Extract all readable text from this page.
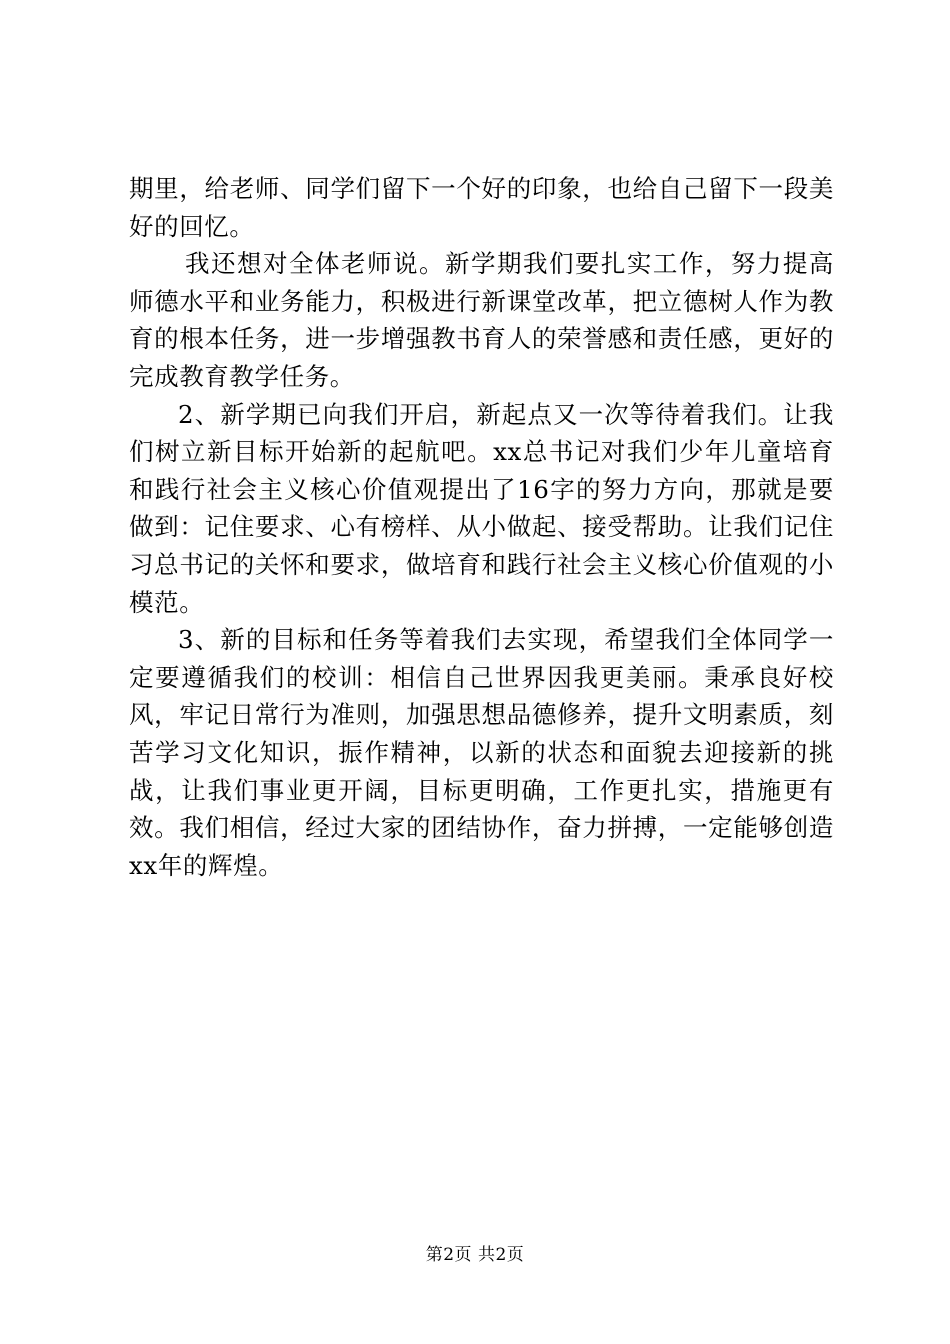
期里，给老师、同学们留下一个好的印象，也给自己留下一段美好的回忆。

我还想对全体老师说。新学期我们要扎实工作，努力提高师德水平和业务能力，积极进行新课堂改革，把立德树人作为教育的根本任务，进一步增强教书育人的荣誉感和责任感，更好的完成教育教学任务。

2、新学期已向我们开启，新起点又一次等待着我们。让我们树立新目标开始新的起航吧。xx总书记对我们少年儿童培育和践行社会主义核心价值观提出了16字的努力方向，那就是要做到：记住要求、心有榜样、从小做起、接受帮助。让我们记住习总书记的关怀和要求，做培育和践行社会主义核心价值观的小模范。

3、新的目标和任务等着我们去实现，希望我们全体同学一定要遵循我们的校训：相信自己世界因我更美丽。秉承良好校风，牢记日常行为准则，加强思想品德修养，提升文明素质，刻苦学习文化知识，振作精神，以新的状态和面貌去迎接新的挑战，让我们事业更开阔，目标更明确，工作更扎实，措施更有效。我们相信，经过大家的团结协作，奋力拼搏，一定能够创造xx年的辉煌。

第2页 共2页
